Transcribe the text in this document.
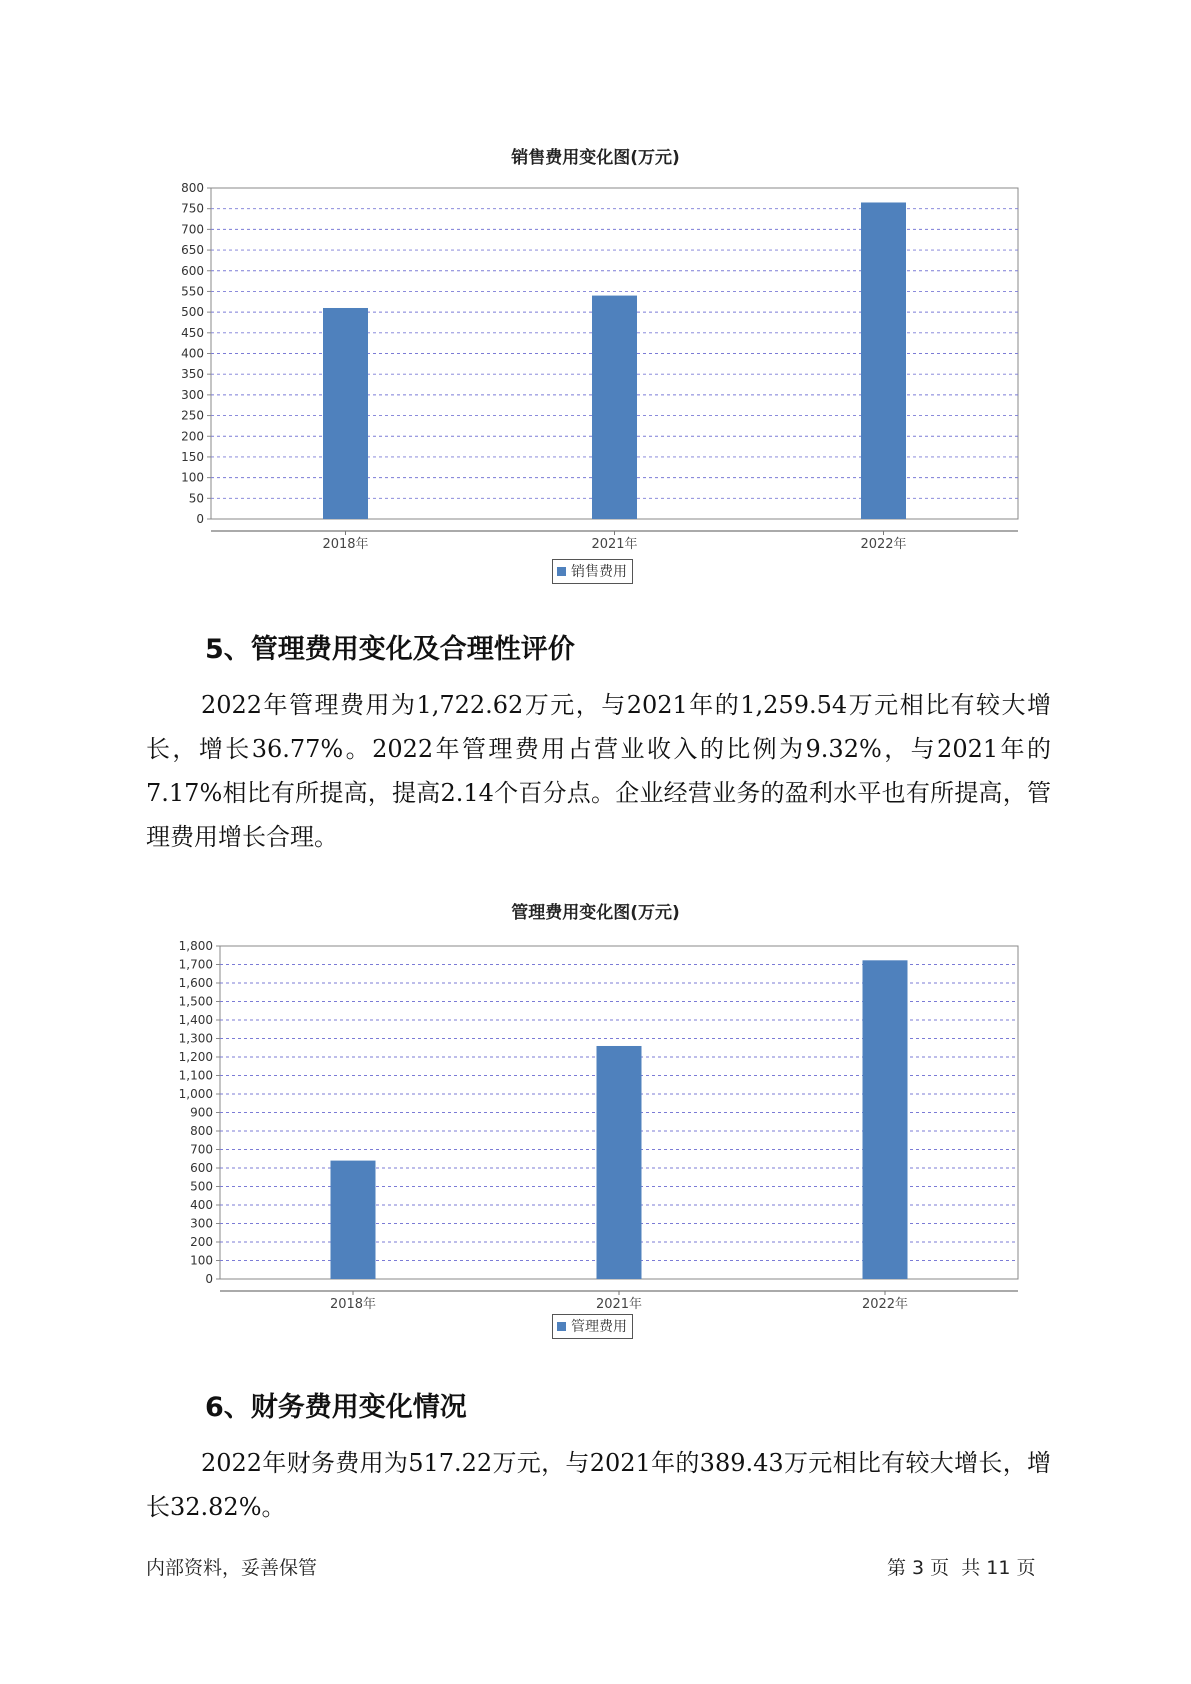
销售费用变化图(万元)
0
50
100
150
200
250
300
350
400
450
500
550
600
650
700
750
800
2018年	2021年	2022年
销售费用
5、管理费用变化及合理性评价

2022年管理费用为1,722.62万元，与2021年的1,259.54万元相比有较大增长，增长36.77%。2022年管理费用占营业收入的比例为9.32%，与2021年的7.17%相比有所提高，提高2.14个百分点。企业经营业务的盈利水平也有所提高，管理费用增长合理。

管理费用变化图(万元)
0
100
200
300
400
500
600
700
800
900
1,000
1,100
1,200
1,300
1,400
1,500
1,600
1,700
1,800
2018年	2021年	2022年
管理费用
6、财务费用变化情况

2022年财务费用为517.22万元，与2021年的389.43万元相比有较大增长，增长32.82%。

内部资料，妥善保管	第 3 页  共 11 页
